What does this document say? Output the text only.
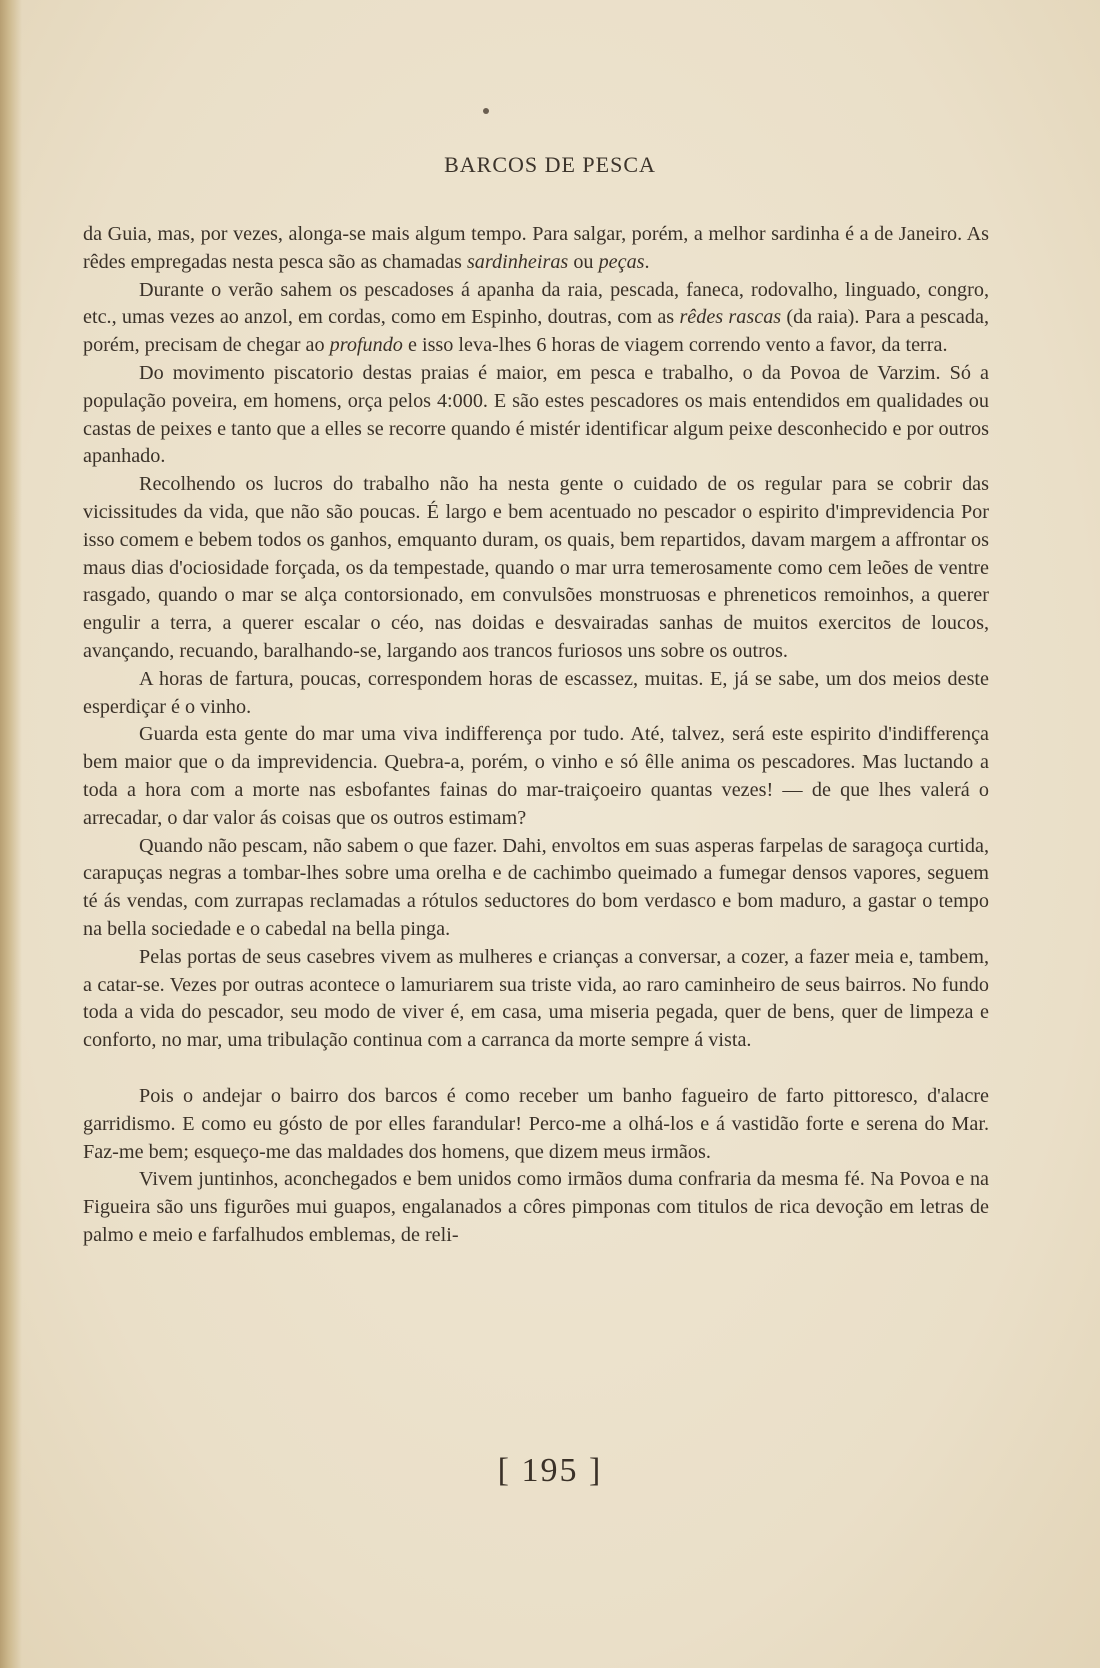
BARCOS DE PESCA

da Guia, mas, por vezes, alonga-se mais algum tempo. Para salgar, porém, a melhor sardinha é a de Janeiro. As rêdes empregadas nesta pesca são as chamadas sardinheiras ou peças.

Durante o verão sahem os pescadoses á apanha da raia, pescada, faneca, rodovalho, linguado, congro, etc., umas vezes ao anzol, em cordas, como em Espinho, doutras, com as rêdes rascas (da raia). Para a pescada, porém, precisam de chegar ao profundo e isso leva-lhes 6 horas de viagem correndo vento a favor, da terra.

Do movimento piscatorio destas praias é maior, em pesca e trabalho, o da Povoa de Varzim. Só a população poveira, em homens, orça pelos 4:000. E são estes pescadores os mais entendidos em qualidades ou castas de peixes e tanto que a elles se recorre quando é mistér identificar algum peixe desconhecido e por outros apanhado.

Recolhendo os lucros do trabalho não ha nesta gente o cuidado de os regular para se cobrir das vicissitudes da vida, que não são poucas. É largo e bem acentuado no pescador o espirito d'imprevidencia Por isso comem e bebem todos os ganhos, emquanto duram, os quais, bem repartidos, davam margem a affrontar os maus dias d'ociosidade forçada, os da tempestade, quando o mar urra temerosamente como cem leões de ventre rasgado, quando o mar se alça contorsionado, em convulsões monstruosas e phreneticos remoinhos, a querer engulir a terra, a querer escalar o céo, nas doidas e desvairadas sanhas de muitos exercitos de loucos, avançando, recuando, baralhando-se, largando aos trancos furiosos uns sobre os outros.

A horas de fartura, poucas, correspondem horas de escassez, muitas. E, já se sabe, um dos meios deste esperdiçar é o vinho.

Guarda esta gente do mar uma viva indifferença por tudo. Até, talvez, será este espirito d'indifferença bem maior que o da imprevidencia. Quebra-a, porém, o vinho e só êlle anima os pescadores. Mas luctando a toda a hora com a morte nas esbofantes fainas do mar-traiçoeiro quantas vezes! — de que lhes valerá o arrecadar, o dar valor ás coisas que os outros estimam?

Quando não pescam, não sabem o que fazer. Dahi, envoltos em suas asperas farpelas de saragoça curtida, carapuças negras a tombar-lhes sobre uma orelha e de cachimbo queimado a fumegar densos vapores, seguem té ás vendas, com zurrapas reclamadas a rótulos seductores do bom verdasco e bom maduro, a gastar o tempo na bella sociedade e o cabedal na bella pinga.

Pelas portas de seus casebres vivem as mulheres e crianças a conversar, a cozer, a fazer meia e, tambem, a catar-se. Vezes por outras acontece o lamuriarem sua triste vida, ao raro caminheiro de seus bairros. No fundo toda a vida do pescador, seu modo de viver é, em casa, uma miseria pegada, quer de bens, quer de limpeza e conforto, no mar, uma tribulação continua com a carranca da morte sempre á vista.

Pois o andejar o bairro dos barcos é como receber um banho fagueiro de farto pittoresco, d'alacre garridismo. E como eu gósto de por elles farandular! Perco-me a olhá-los e á vastidão forte e serena do Mar. Faz-me bem; esqueço-me das maldades dos homens, que dizem meus irmãos.

Vivem juntinhos, aconchegados e bem unidos como irmãos duma confraria da mesma fé. Na Povoa e na Figueira são uns figurões mui guapos, engalanados a côres pimponas com titulos de rica devoção em letras de palmo e meio e farfalhudos emblemas, de reli-

[ 195 ]
